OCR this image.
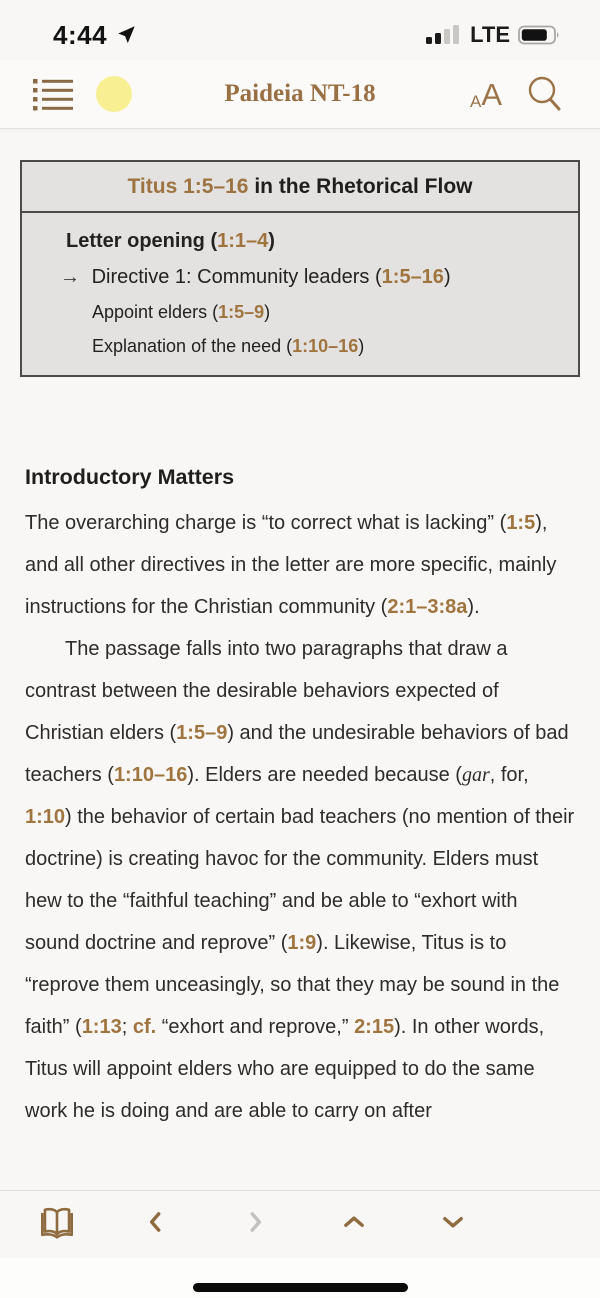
4:44	LTE
Paideia NT-18	A A
Titus 1:5–16 in the Rhetorical Flow
Letter opening (1:1–4)
→ Directive 1: Community leaders (1:5–16)
Appoint elders (1:5–9)
Explanation of the need (1:10–16)
Introductory Matters

The overarching charge is “to correct what is lacking” (1:5), and all other directives in the letter are more specific, mainly instructions for the Christian community (2:1–3:8a).

The passage falls into two paragraphs that draw a contrast between the desirable behaviors expected of Christian elders (1:5–9) and the undesirable behaviors of bad teachers (1:10–16). Elders are needed because (gar, for, 1:10) the behavior of certain bad teachers (no mention of their doctrine) is creating havoc for the community. Elders must hew to the “faithful teaching” and be able to “exhort with sound doctrine and reprove” (1:9). Likewise, Titus is to “reprove them unceasingly, so that they may be sound in the faith” (1:13; cf. “exhort and reprove,” 2:15). In other words, Titus will appoint elders who are equipped to do the same work he is doing and are able to carry on after
